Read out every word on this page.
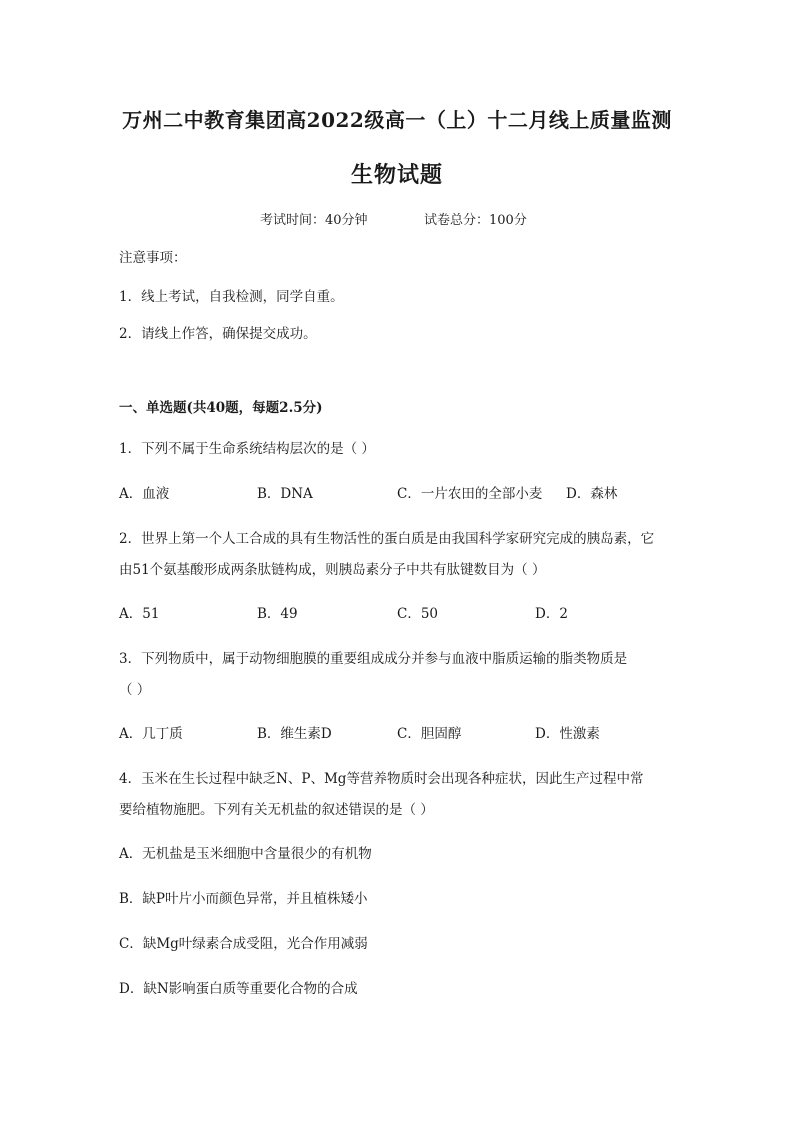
万州二中教育集团高2022级高一（上）十二月线上质量监测
生物试题
考试时间：40分钟	试卷总分：100分
注意事项：
1．线上考试，自我检测，同学自重。
2．请线上作答，确保提交成功。
一、单选题(共40题，每题2.5分)
1．下列不属于生命系统结构层次的是（ ）
A．血液	B．DNA	C．一片农田的全部小麦 D．森林
2．世界上第一个人工合成的具有生物活性的蛋白质是由我国科学家研究完成的胰岛素，它
由51个氨基酸形成两条肽链构成，则胰岛素分子中共有肽键数目为（ ）
A．51	B．49	C．50	D．2
3．下列物质中，属于动物细胞膜的重要组成成分并参与血液中脂质运输的脂类物质是
（ ）
A．几丁质	B．维生素D	C．胆固醇	D．性激素
4．玉米在生长过程中缺乏N、P、Mg等营养物质时会出现各种症状，因此生产过程中常
要给植物施肥。下列有关无机盐的叙述错误的是（ ）
A．无机盐是玉米细胞中含量很少的有机物
B．缺P叶片小而颜色异常，并且植株矮小
C．缺Mg叶绿素合成受阻，光合作用减弱
D．缺N影响蛋白质等重要化合物的合成
